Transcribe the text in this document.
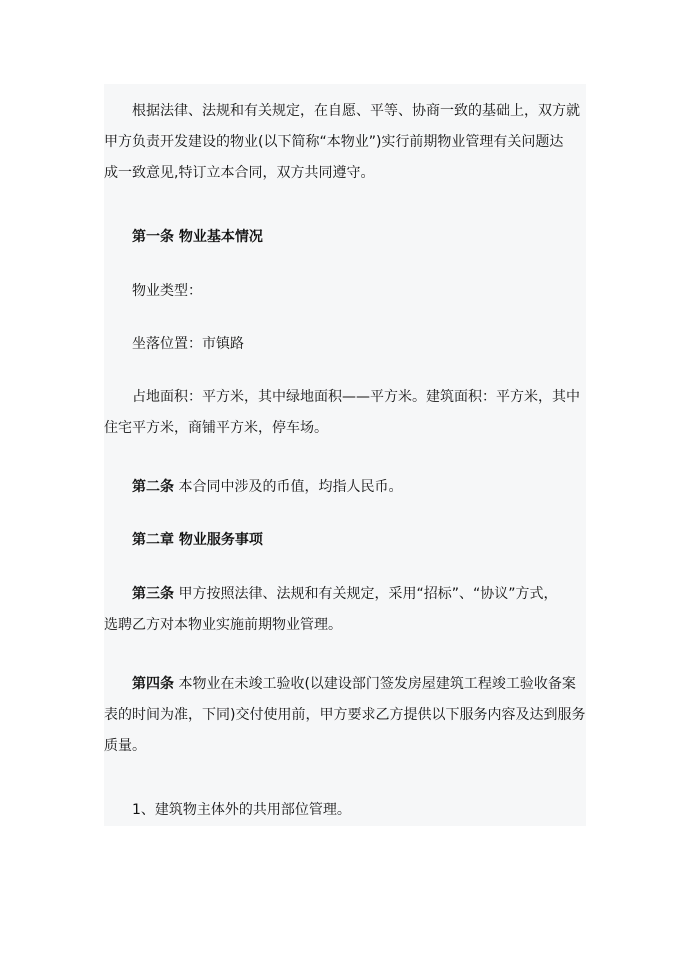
根据法律、法规和有关规定，在自愿、平等、协商一致的基础上，双方就
甲方负责开发建设的物业(以下简称“本物业”)实行前期物业管理有关问题达
成一致意见,特订立本合同，双方共同遵守。
第一条 物业基本情况
物业类型：
坐落位置：市镇路
占地面积：平方米，其中绿地面积——平方米。建筑面积：平方米，其中
住宅平方米，商铺平方米，停车场。
第二条 本合同中涉及的币值，均指人民币。
第二章 物业服务事项
第三条 甲方按照法律、法规和有关规定，采用“招标”、“协议”方式，
选聘乙方对本物业实施前期物业管理。
第四条 本物业在未竣工验收(以建设部门签发房屋建筑工程竣工验收备案
表的时间为准，下同)交付使用前，甲方要求乙方提供以下服务内容及达到服务
质量。
1、建筑物主体外的共用部位管理。
